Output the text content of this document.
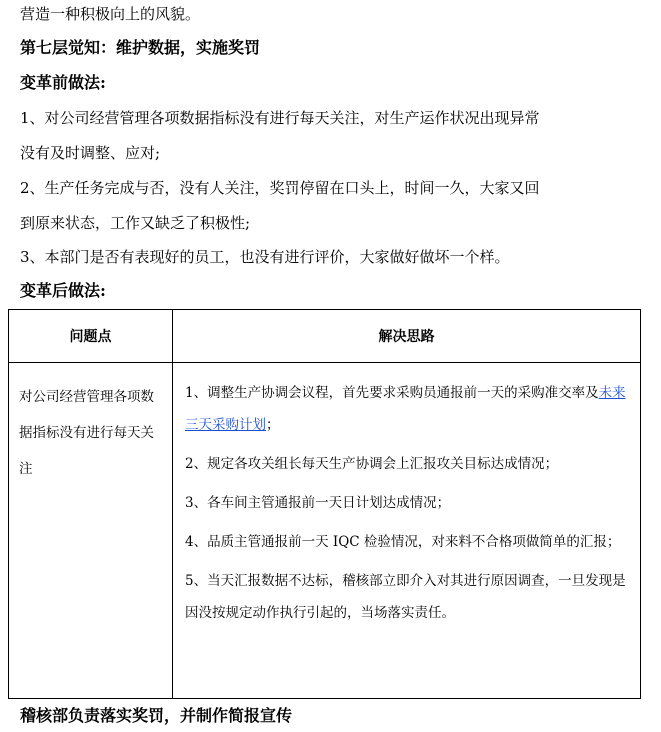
营造一种积极向上的风貌。
第七层觉知：维护数据，实施奖罚
变革前做法:
1、对公司经营管理各项数据指标没有进行每天关注，对生产运作状况出现异常
没有及时调整、应对;
2、生产任务完成与否，没有人关注，奖罚停留在口头上，时间一久，大家又回
到原来状态，工作又缺乏了积极性;
3、本部门是否有表现好的员工，也没有进行评价，大家做好做坏一个样。
变革后做法:
问题点	解决思路

对公司经营管理各项数据指标没有进行每天关注	1、调整生产协调会议程，首先要求采购员通报前一天的采购准交率及未来三天采购计划；
2、规定各攻关组长每天生产协调会上汇报攻关目标达成情况；
3、各车间主管通报前一天日计划达成情况；
4、品质主管通报前一天 IQC 检验情况，对来料不合格项做简单的汇报；
5、当天汇报数据不达标，稽核部立即介入对其进行原因调查，一旦发现是因没按规定动作执行引起的，当场落实责任。
稽核部负责落实奖罚，并制作简报宣传
